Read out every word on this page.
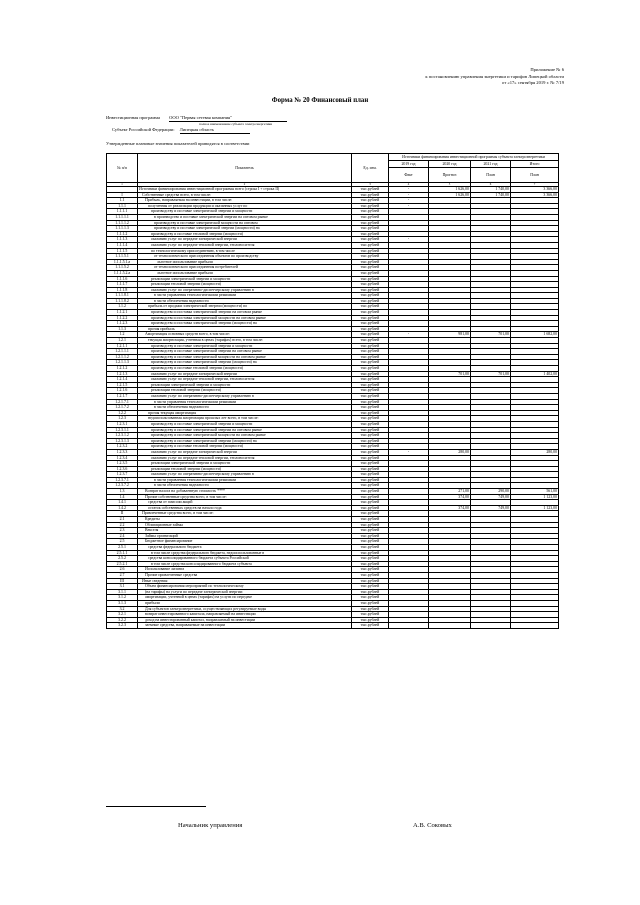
Приложение № 6
к постановлению управления энергетики и тарифов Липецкой области
от «17» сентября 2019 г. № 7/19
Форма № 20 Финансовый план
Инвестиционная программа ООО "Первая сетевая компания"
полное наименование субъекта электроэнергетики
Субъект Российской Федерации: Липецкая область
Утвержденные плановые значения показателей приводятся в соответствии
№ п/п	Показатель	Ед. изм.	Источники финансирования инвестиционной программы субъекта электроэнергетики			
			2019 год	2020 год	2021 год	Итого
			Факт	Прогноз	План	План
1	2	3	4	5	6	7
	Источники финансирования инвестиционной программы всего (строка I + строка II)	тыс.рублей	-	1 626,00	1 740,00	3 366,00
I	Собственные средства всего, в том числе:	тыс.рублей	-	1 626,00	1 740,00	3 366,00
1.1	Прибыль, направляемая на инвестиции, в том числе:	тыс.рублей	-			
1.1.1	полученная от реализации продукции и оказанных услуг по	тыс.рублей	-			
1.1.1.1	производству и поставке электрической энергии и мощности	тыс.рублей				
1.1.1.1.1	в производство и поставке электрической энергии на оптовом рынке	тыс.рублей				
1.1.1.1.2	производству и поставке электрической мощности на оптовом	тыс.рублей				
1.1.1.1.3	производству и поставке электрической энергии (мощности) на	тыс.рублей				
1.1.1.2	производству и поставке тепловой энергии (мощности)	тыс.рублей				
1.1.1.3	оказанию услуг по передаче электрической энергии	тыс.рублей	-			
1.1.1.4	оказанию услуг по передаче тепловой энергии, теплоносителя	тыс.рублей				
1.1.1.5	по технологическому присоединению, в том числе	тыс.рублей				
1.1.1.5.1	от технологического присоединения объектов по производству	тыс.рублей				
1.1.1.5.1.a	льготное использование прибыли	тыс.рублей				
1.1.1.5.2	от технологического присоединения потребителей	тыс.рублей				
1.1.1.5.2.a	льготное использование прибыли	тыс.рублей				
1.1.1.6	реализации электрической энергии и мощности	тыс.рублей				
1.1.1.7	реализации тепловой энергии (мощности)	тыс.рублей				
1.1.1.8	оказанию услуг по оперативно-диспетчерскому управлению в	тыс.рублей				
1.1.1.8.1	в части управления технологическими режимами	тыс.рублей				
1.1.1.8.2	в части обеспечения надежности	тыс.рублей				
1.1.2	прибыль от продажи электрической энергии (мощности) по	тыс.рублей				
1.1.2.1	производство и поставка электрической энергии на оптовом рынке	тыс.рублей				
1.1.2.2	производство и поставка электрической мощности на оптовом рынке	тыс.рублей				
1.1.2.3	производство и поставка электрической энергии (мощности) на	тыс.рублей				
1.1.3	прочая прибыль	тыс.рублей				
1.2	Амортизация основных средств всего, в том числе:	тыс.рублей	-	981,00	701,00	1 682,00
1.2.1	текущая амортизация, учтенная в ценах (тарифах) всего, в том числе:	тыс.рублей				
1.2.1.1	производству и поставке электрической энергии и мощности	тыс.рублей				
1.2.1.1.1	производству и поставке электрической энергии на оптовом рынке	тыс.рублей				
1.2.1.1.2	производству и поставке электрической мощности на оптовом рынке	тыс.рублей				
1.2.1.1.3	производству и поставке электрической энергии (мощности) на	тыс.рублей				
1.2.1.2	производству и поставке тепловой энергии (мощности)	тыс.рублей				
1.2.1.3	оказанию услуг по передаче электрической энергии	тыс.рублей		701,00	701,00	1 402,00
1.2.1.4	оказанию услуг по передаче тепловой энергии, теплоносителя	тыс.рублей				
1.2.1.5	реализации электрической энергии и мощности	тыс.рублей				
1.2.1.6	реализации тепловой энергии (мощности)	тыс.рублей				
1.2.1.7	оказанию услуг по оперативно-диспетчерскому управлению в	тыс.рублей				
1.2.1.7.1	в части управления технологическими режимами	тыс.рублей				
1.2.1.7.2	в части обеспечения надежности	тыс.рублей				
1.2.2	прочая текущая амортизация	тыс.рублей				
1.2.3	недоиспользованная амортизация прошлых лет всего, в том числе:	тыс.рублей				
1.2.3.1	производству и поставке электрической энергии и мощности	тыс.рублей				
1.2.3.1.1	производству и поставке электрической энергии на оптовом рынке	тыс.рублей				
1.2.3.1.2	производству и поставке электрической мощности на оптовом рынке	тыс.рублей				
1.2.3.1.3	производству и поставке электрической энергии (мощности) на	тыс.рублей				
1.2.3.2	производству и поставке тепловой энергии (мощности)	тыс.рублей				
1.2.3.3	оказанию услуг по передаче электрической энергии	тыс.рублей	-	280,00		280,00
1.2.3.4	оказанию услуг по передаче тепловой энергии, теплоносителя	тыс.рублей				
1.2.3.5	реализации электрической энергии и мощности	тыс.рублей				
1.2.3.6	реализации тепловой энергии (мощности)	тыс.рублей				
1.2.3.7	оказанию услуг по оперативно-диспетчерскому управлению в	тыс.рублей				
1.2.3.7.1	в части управления технологическими режимами	тыс.рублей				
1.2.3.7.2	в части обеспечения надежности	тыс.рублей				
1.3	Возврат налога на добавленную стоимость ****	тыс.рублей		271,00	290,00	561,00
1.4	Прочие собственные средства всего, в том числе:	тыс.рублей		374,00	749,00	1 123,00
1.4.1	средства от эмиссии акций	тыс.рублей				
1.4.2	остаток собственных средств на начало года	тыс.рублей		374,00	749,00	1 123,00
II	Привлеченные средства всего, в том числе:	тыс.рублей				
2.1	Кредиты	тыс.рублей				
2.2	Облигационные займы	тыс.рублей				
2.3	Векселя	тыс.рублей				
2.4	Займы организаций	тыс.рублей				
2.5	Бюджетное финансирование	тыс.рублей				
2.5.1	средства федерального бюджета	тыс.рублей				
2.5.1.1	в том числе средства федерального бюджета, недоиспользованные в	тыс.рублей				
2.5.2	средства консолидированного бюджета субъекта Российской	тыс.рублей				
2.5.2.1	в том числе средства консолидированного бюджета субъекта	тыс.рублей				
2.6	Использование лизинга	тыс.рублей				
2.7	Прочие привлеченные средства	тыс.рублей				
III	Иные сведения:	тыс.рублей				
3.1	Объем финансирования мероприятий по технологическому	тыс.рублей				
3.1.1	(на тарифы) на услуги по передаче электрической энергии:	тыс.рублей				
3.1.2	амортизации, учтенной в ценах (тарифах) на услуги по передаче	тыс.рублей				
3.1.3	прибыли	тыс.рублей				
3.2	Для субъектов электроэнергетики, осуществляющих регулируемые виды	тыс.рублей				
3.2.1	возврат инвестированного капитала, направляемый на инвестиции	тыс.рублей				
3.2.2	доход на инвестированный капитал, направляемый на инвестиции	тыс.рублей				
3.2.3	заемные средства, направляемые на инвестиции	тыс.рублей				
Начальник управления	А.В. Соковых
